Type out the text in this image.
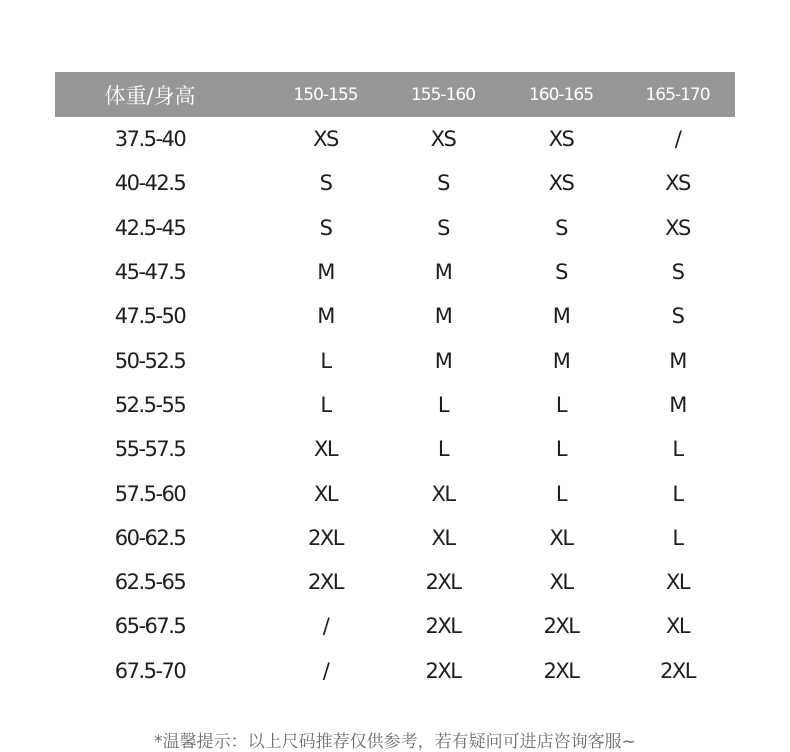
体重/身高	150-155	155-160	160-165	165-170
37.5-40	XS	XS	XS	/
40-42.5	S	S	XS	XS
42.5-45	S	S	S	XS
45-47.5	M	M	S	S
47.5-50	M	M	M	S
50-52.5	L	M	M	M
52.5-55	L	L	L	M
55-57.5	XL	L	L	L
57.5-60	XL	XL	L	L
60-62.5	2XL	XL	XL	L
62.5-65	2XL	2XL	XL	XL
65-67.5	/	2XL	2XL	XL
67.5-70	/	2XL	2XL	2XL
*温馨提示：以上尺码推荐仅供参考，若有疑问可进店咨询客服~
